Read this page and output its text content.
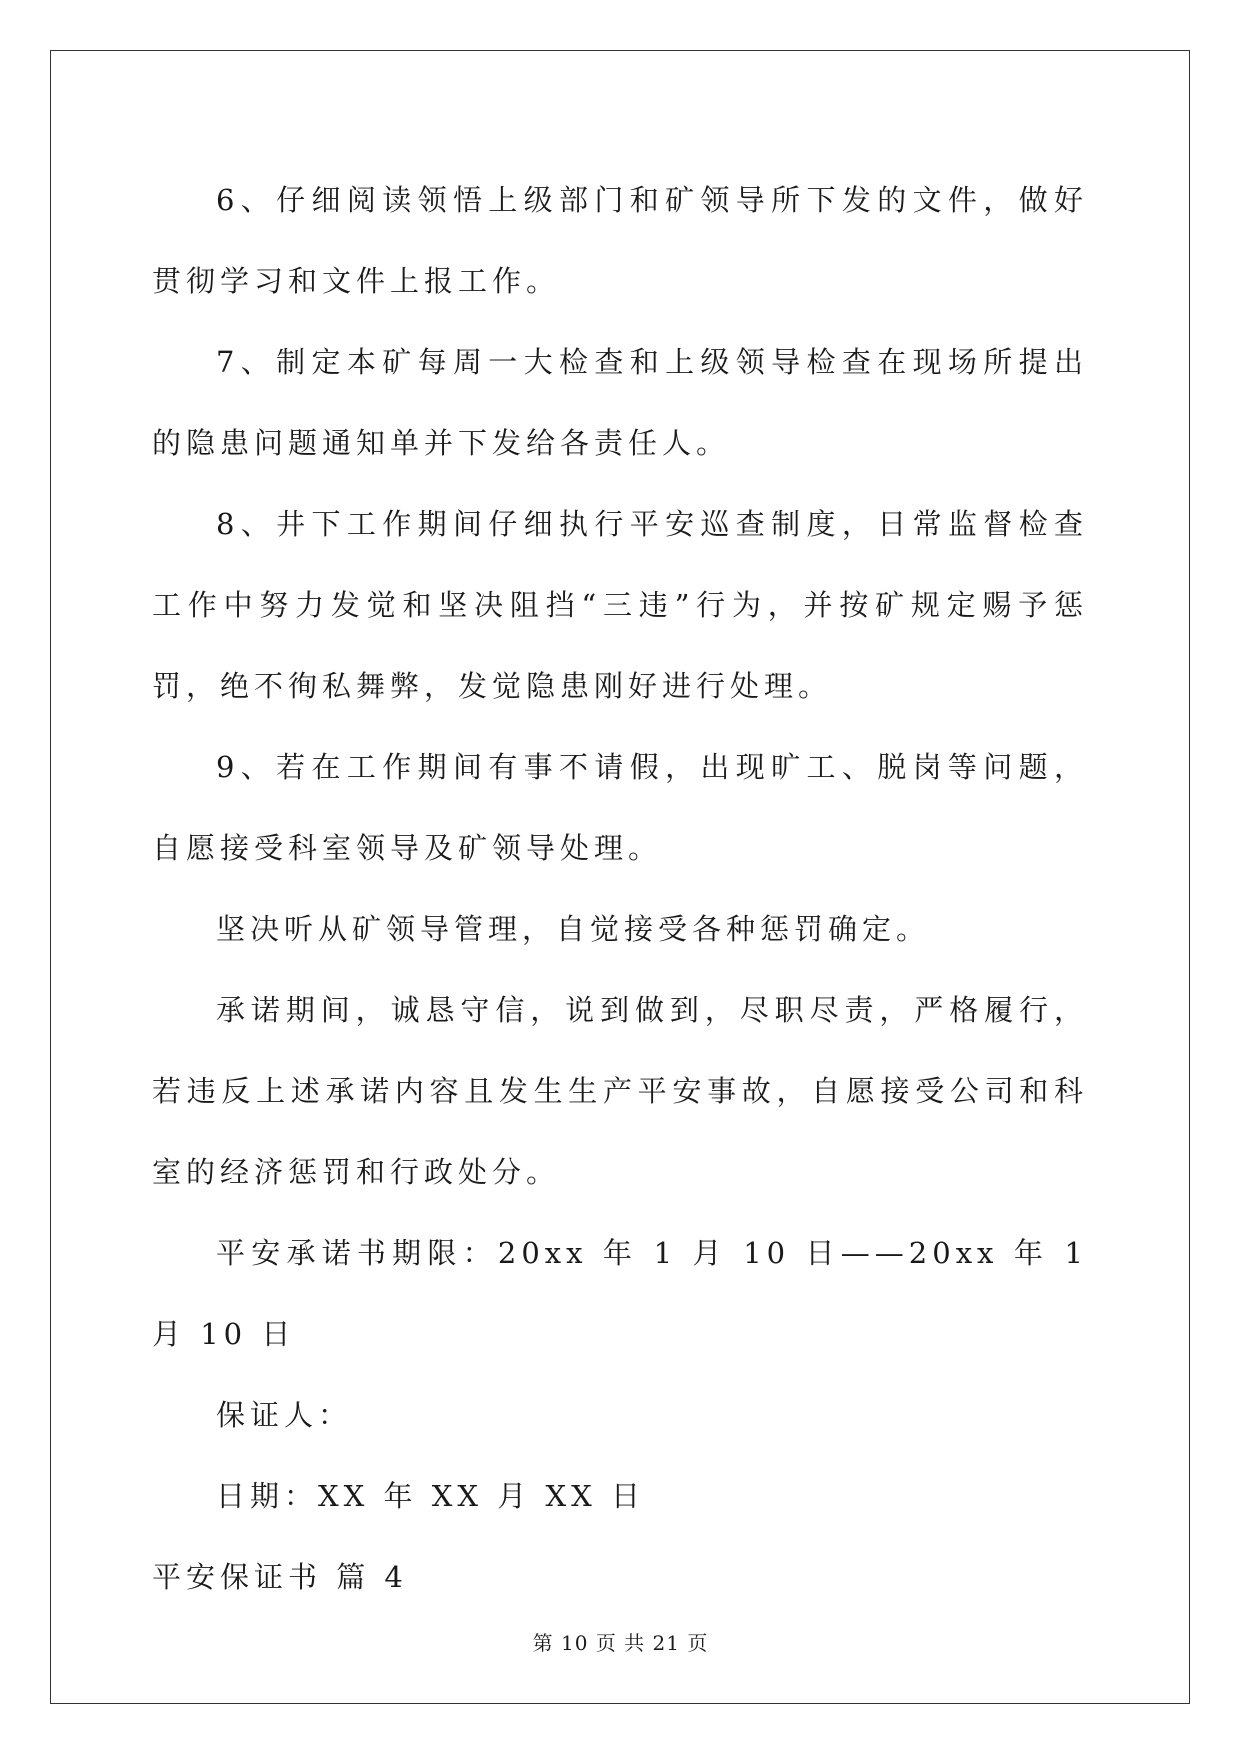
6、仔细阅读领悟上级部门和矿领导所下发的文件，做好贯彻学习和文件上报工作。

7、制定本矿每周一大检查和上级领导检查在现场所提出的隐患问题通知单并下发给各责任人。

8、井下工作期间仔细执行平安巡查制度，日常监督检查工作中努力发觉和坚决阻挡“三违”行为，并按矿规定赐予惩罚，绝不徇私舞弊，发觉隐患刚好进行处理。

9、若在工作期间有事不请假，出现旷工、脱岗等问题，自愿接受科室领导及矿领导处理。

坚决听从矿领导管理，自觉接受各种惩罚确定。

承诺期间，诚恳守信，说到做到，尽职尽责，严格履行，若违反上述承诺内容且发生生产平安事故，自愿接受公司和科室的经济惩罚和行政处分。

平安承诺书期限：20xx 年 1 月 10 日——20xx 年 1 月 10 日

保证人：

日期：XX 年 XX 月 XX 日

平安保证书 篇 4

第 10 页 共 21 页
